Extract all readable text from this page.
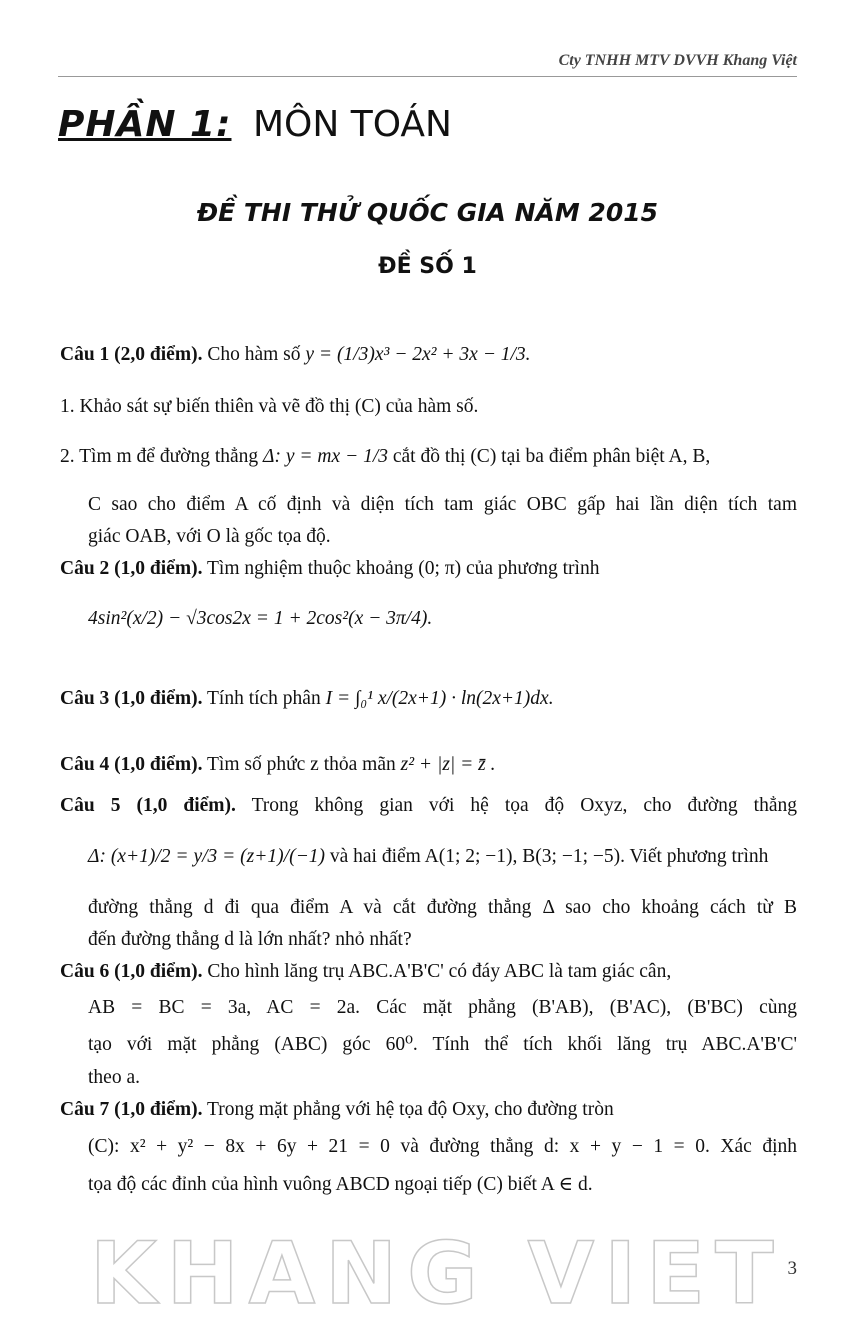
Cty TNHH MTV DVVH Khang Việt
PHẦN 1: MÔN TOÁN
ĐỀ THI THỬ QUỐC GIA NĂM 2015
ĐỀ SỐ 1
Câu 1 (2,0 điểm). Cho hàm số y = (1/3)x³ − 2x² + 3x − 1/3.
1. Khảo sát sự biến thiên và vẽ đồ thị (C) của hàm số.
2. Tìm m để đường thẳng Δ: y = mx − 1/3 cắt đồ thị (C) tại ba điểm phân biệt A, B,
C sao cho điểm A cố định và diện tích tam giác OBC gấp hai lần diện tích tam
giác OAB, với O là gốc tọa độ.
Câu 2 (1,0 điểm). Tìm nghiệm thuộc khoảng (0; π) của phương trình
4sin²(x/2) − √3cos2x = 1 + 2cos²(x − 3π/4).
Câu 3 (1,0 điểm). Tính tích phân I = ∫₀¹ x/(2x+1) · ln(2x+1)dx.
Câu 4 (1,0 điểm). Tìm số phức z thỏa mãn z² + |z| = z̄ .
Câu 5 (1,0 điểm). Trong không gian với hệ tọa độ Oxyz, cho đường thẳng
Δ: (x+1)/2 = y/3 = (z+1)/(−1) và hai điểm A(1; 2; −1), B(3; −1; −5). Viết phương trình
đường thẳng d đi qua điểm A và cắt đường thẳng Δ sao cho khoảng cách từ B
đến đường thẳng d là lớn nhất? nhỏ nhất?
Câu 6 (1,0 điểm). Cho hình lăng trụ ABC.A'B'C' có đáy ABC là tam giác cân,
AB = BC = 3a, AC = 2a. Các mặt phẳng (B'AB), (B'AC), (B'BC) cùng
tạo với mặt phẳng (ABC) góc 60⁰. Tính thể tích khối lăng trụ ABC.A'B'C'
theo a.
Câu 7 (1,0 điểm). Trong mặt phẳng với hệ tọa độ Oxy, cho đường tròn
(C): x² + y² − 8x + 6y + 21 = 0 và đường thẳng d: x + y − 1 = 0. Xác định
tọa độ các đỉnh của hình vuông ABCD ngoại tiếp (C) biết A ∈ d.
KHANG VIET 3
